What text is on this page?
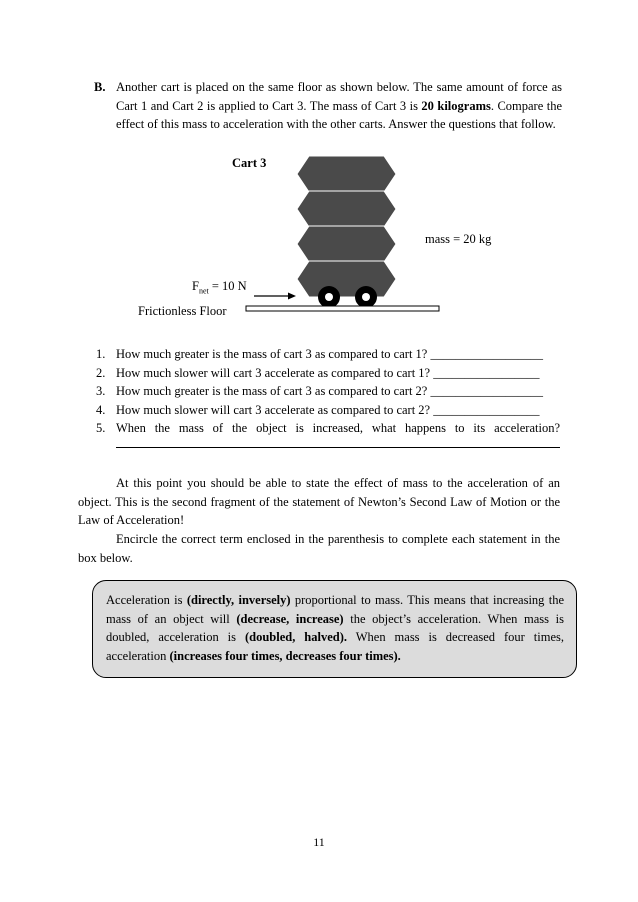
B. Another cart is placed on the same floor as shown below. The same amount of force as Cart 1 and Cart 2 is applied to Cart 3. The mass of Cart 3 is 20 kilograms. Compare the effect of this mass to acceleration with the other carts. Answer the questions that follow.
Cart 3
mass = 20 kg
$F_{net} = 10$ N
Frictionless Floor
1. How much greater is the mass of cart 3 as compared to cart 1? __________________
2. How much slower will cart 3 accelerate as compared to cart 1? _________________
3. How much greater is the mass of cart 3 as compared to cart 2? __________________
4. How much slower will cart 3 accelerate as compared to cart 2? _________________
5. When the mass of the object is increased, what happens to its acceleration?

At this point you should be able to state the effect of mass to the acceleration of an object. This is the second fragment of the statement of Newton’s Second Law of Motion or the Law of Acceleration!

Encircle the correct term enclosed in the parenthesis to complete each statement in the box below.

Acceleration is (directly, inversely) proportional to mass. This means that increasing the mass of an object will (decrease, increase) the object’s acceleration. When mass is doubled, acceleration is (doubled, halved). When mass is decreased four times, acceleration (increases four times, decreases four times).
11
